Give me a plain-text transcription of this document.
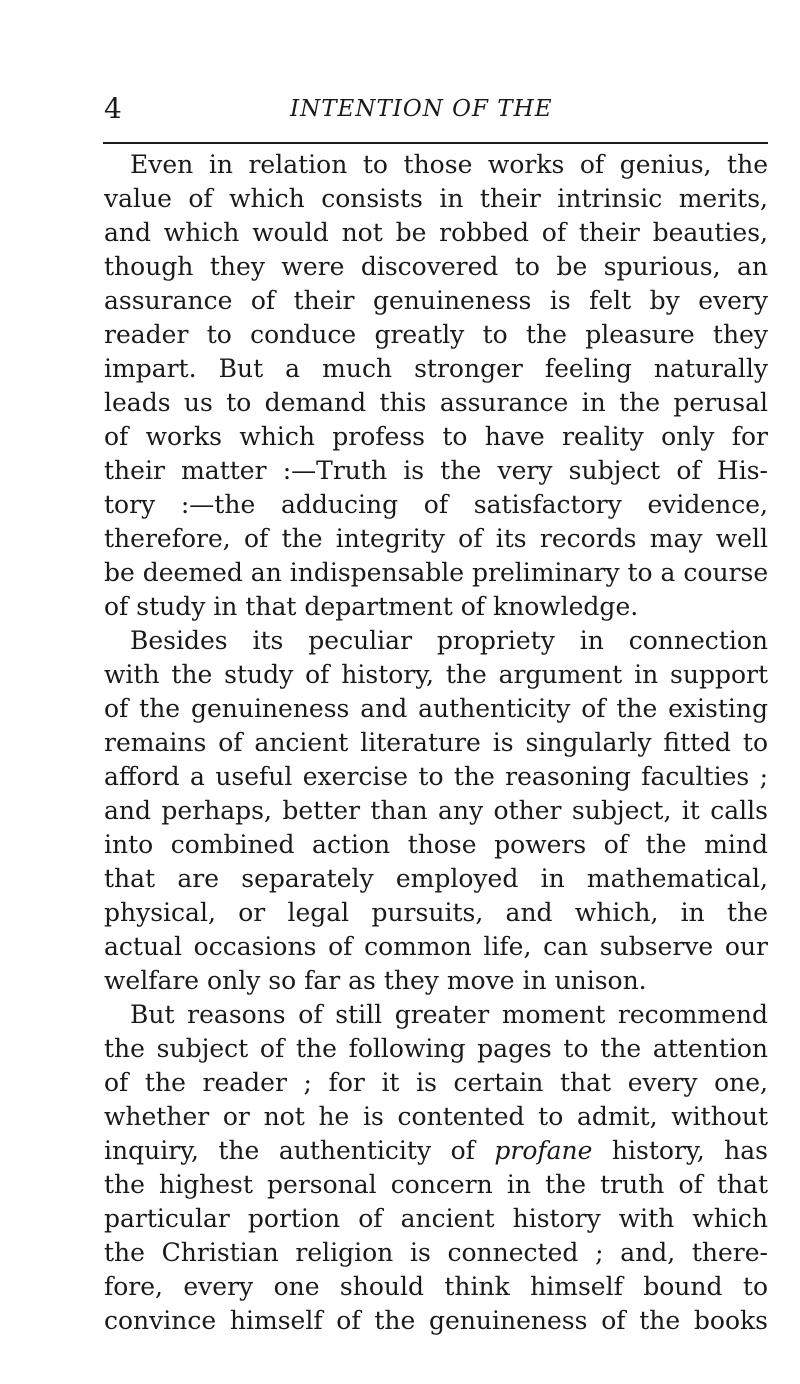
4	INTENTION OF THE
Even in relation to those works of genius, the
value of which consists in their intrinsic merits,
and which would not be robbed of their beauties,
though they were discovered to be spurious, an
assurance of their genuineness is felt by every
reader to conduce greatly to the pleasure they
impart. But a much stronger feeling naturally
leads us to demand this assurance in the perusal
of works which profess to have reality only for
their matter :—Truth is the very subject of His-
tory :—the adducing of satisfactory evidence,
therefore, of the integrity of its records may well
be deemed an indispensable preliminary to a course
of study in that department of knowledge.
Besides its peculiar propriety in connection
with the study of history, the argument in support
of the genuineness and authenticity of the existing
remains of ancient literature is singularly fitted to
afford a useful exercise to the reasoning faculties ;
and perhaps, better than any other subject, it calls
into combined action those powers of the mind
that are separately employed in mathematical,
physical, or legal pursuits, and which, in the
actual occasions of common life, can subserve our
welfare only so far as they move in unison.
But reasons of still greater moment recommend
the subject of the following pages to the attention
of the reader ; for it is certain that every one,
whether or not he is contented to admit, without
inquiry, the authenticity of profane history, has
the highest personal concern in the truth of that
particular portion of ancient history with which
the Christian religion is connected ; and, there-
fore, every one should think himself bound to
convince himself of the genuineness of the books
